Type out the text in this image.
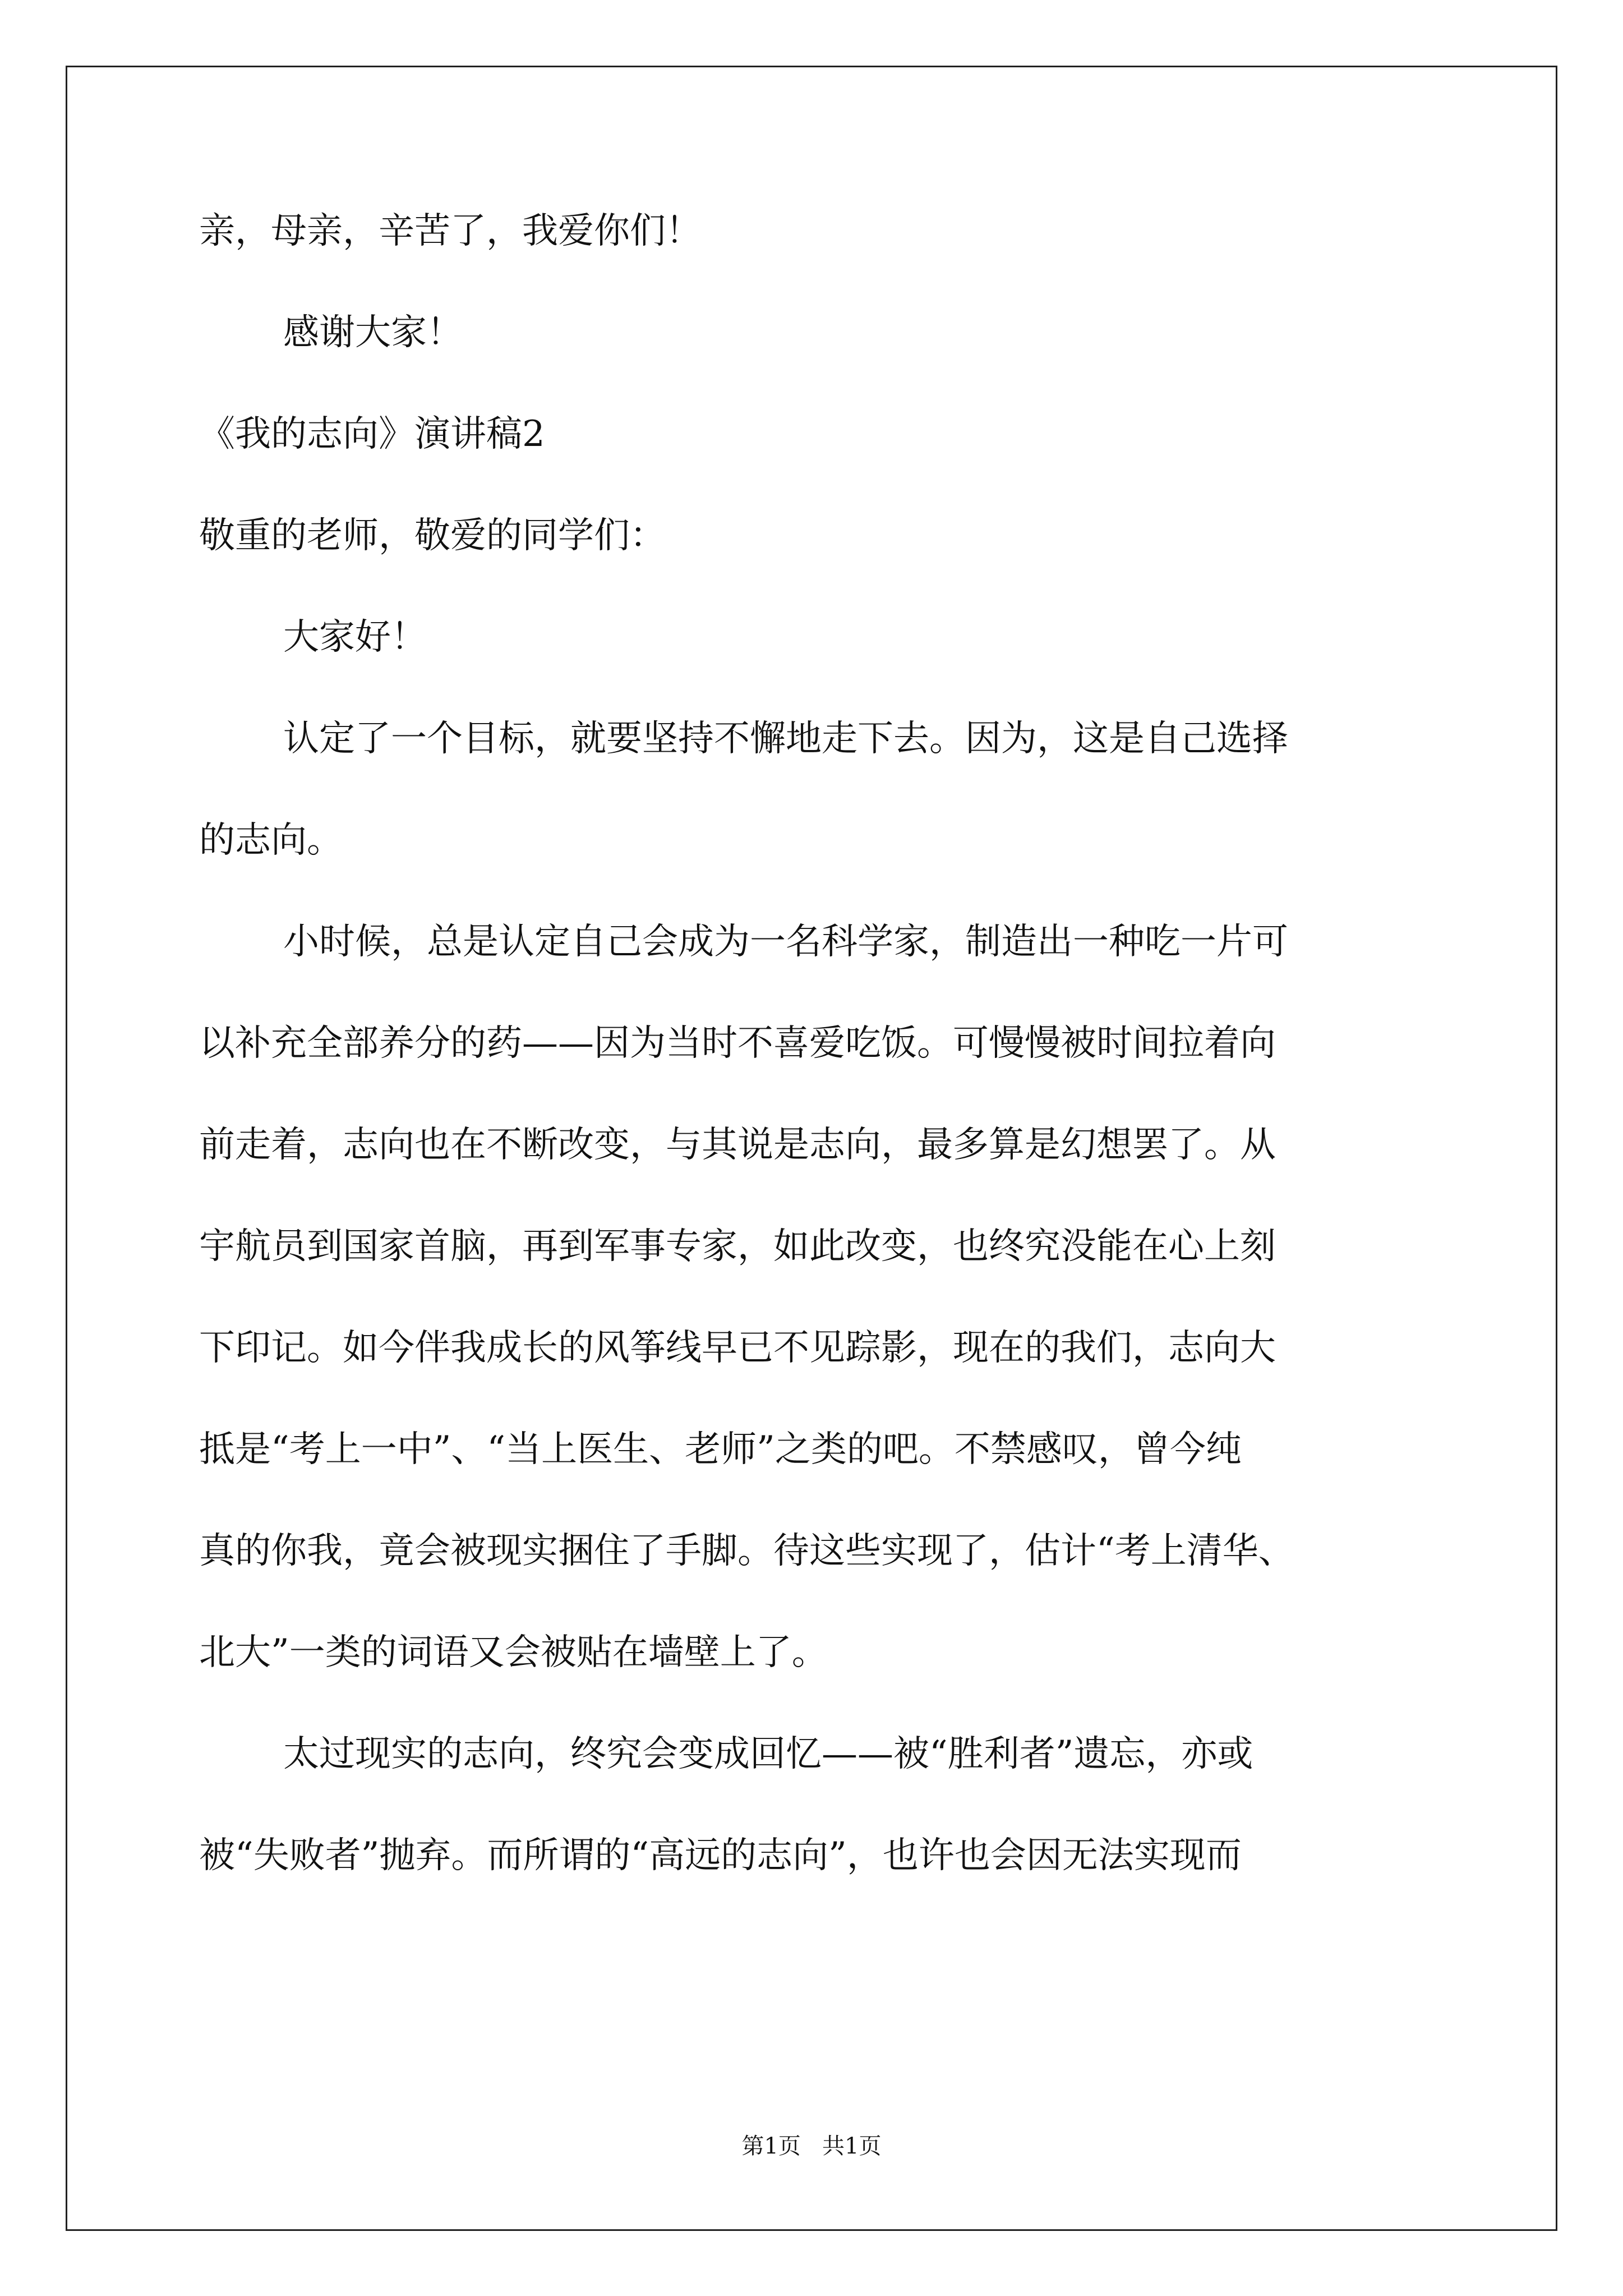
亲，母亲，辛苦了，我爱你们！
感谢大家！
《我的志向》演讲稿2
敬重的老师，敬爱的同学们：
大家好！
认定了一个目标，就要坚持不懈地走下去。因为，这是自己选择
的志向。
小时候，总是认定自己会成为一名科学家，制造出一种吃一片可
以补充全部养分的药——因为当时不喜爱吃饭。可慢慢被时间拉着向
前走着，志向也在不断改变，与其说是志向，最多算是幻想罢了。从
宇航员到国家首脑，再到军事专家，如此改变，也终究没能在心上刻
下印记。如今伴我成长的风筝线早已不见踪影，现在的我们，志向大
抵是“考上一中”、“当上医生、老师”之类的吧。不禁感叹，曾今纯
真的你我，竟会被现实捆住了手脚。待这些实现了，估计“考上清华、
北大”一类的词语又会被贴在墙壁上了。
太过现实的志向，终究会变成回忆——被“胜利者”遗忘，亦或
被“失败者”抛弃。而所谓的“高远的志向”，也许也会因无法实现而
第1页   共1页
